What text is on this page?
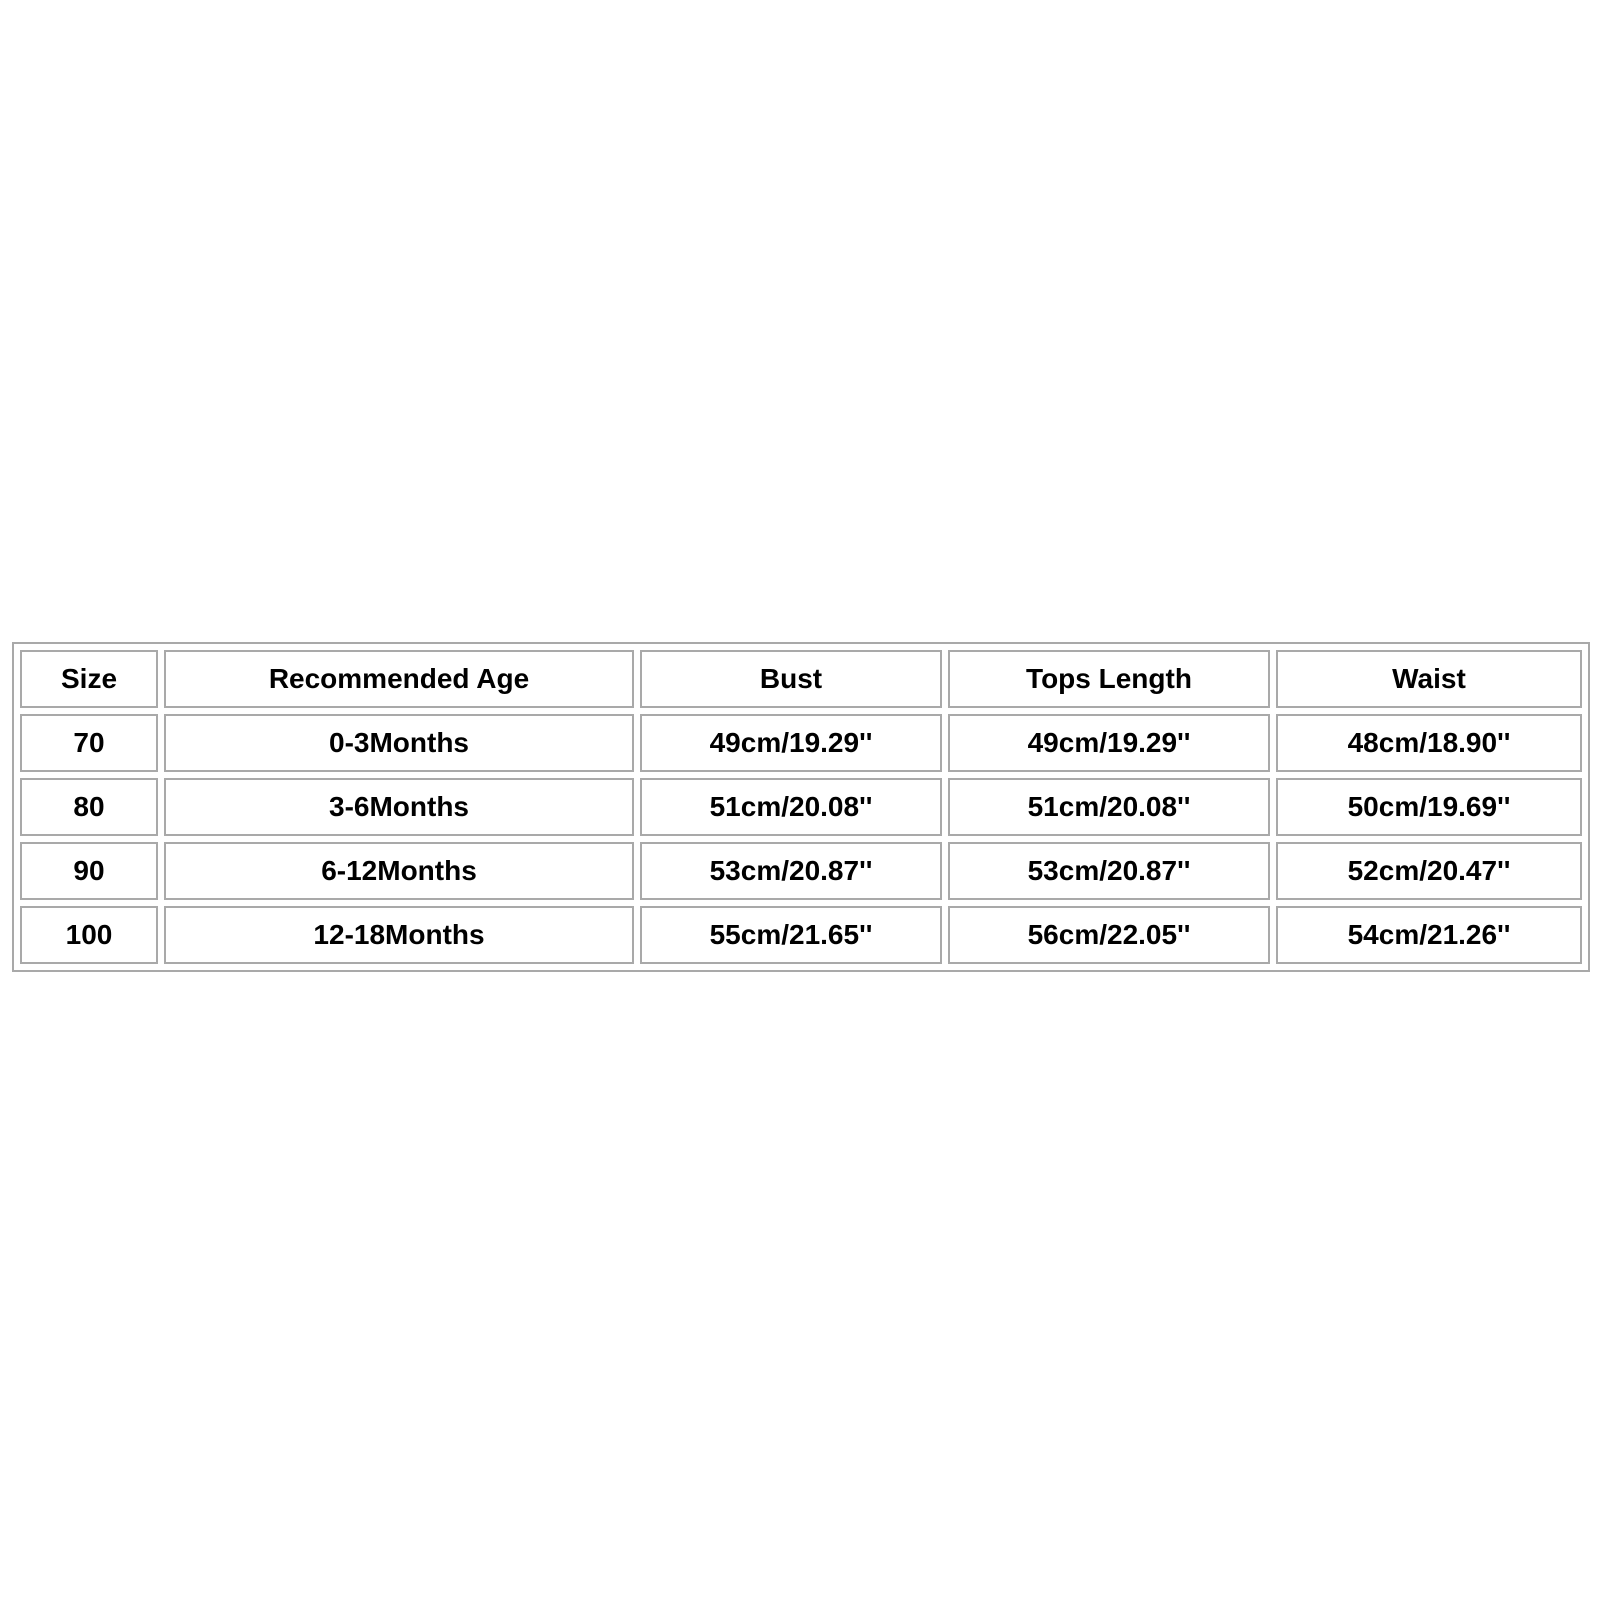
Size	Recommended Age	Bust	Tops Length	Waist
70	0-3Months	49cm/19.29''	49cm/19.29''	48cm/18.90''
80	3-6Months	51cm/20.08''	51cm/20.08''	50cm/19.69''
90	6-12Months	53cm/20.87''	53cm/20.87''	52cm/20.47''
100	12-18Months	55cm/21.65''	56cm/22.05''	54cm/21.26''
